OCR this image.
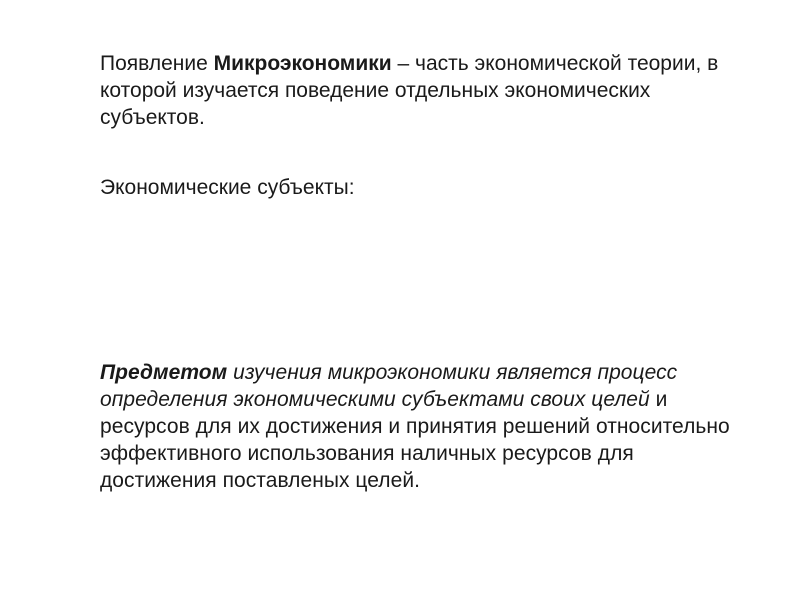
Появление Микроэкономики – часть экономической теории, в которой изучается поведение отдельных экономических субъектов.

Экономические субъекты:

Предметом изучения микроэкономики является процесс определения экономическими субъектами своих целей и ресурсов для их достижения и принятия решений относительно эффективного использования наличных ресурсов для достижения поставленых целей.
